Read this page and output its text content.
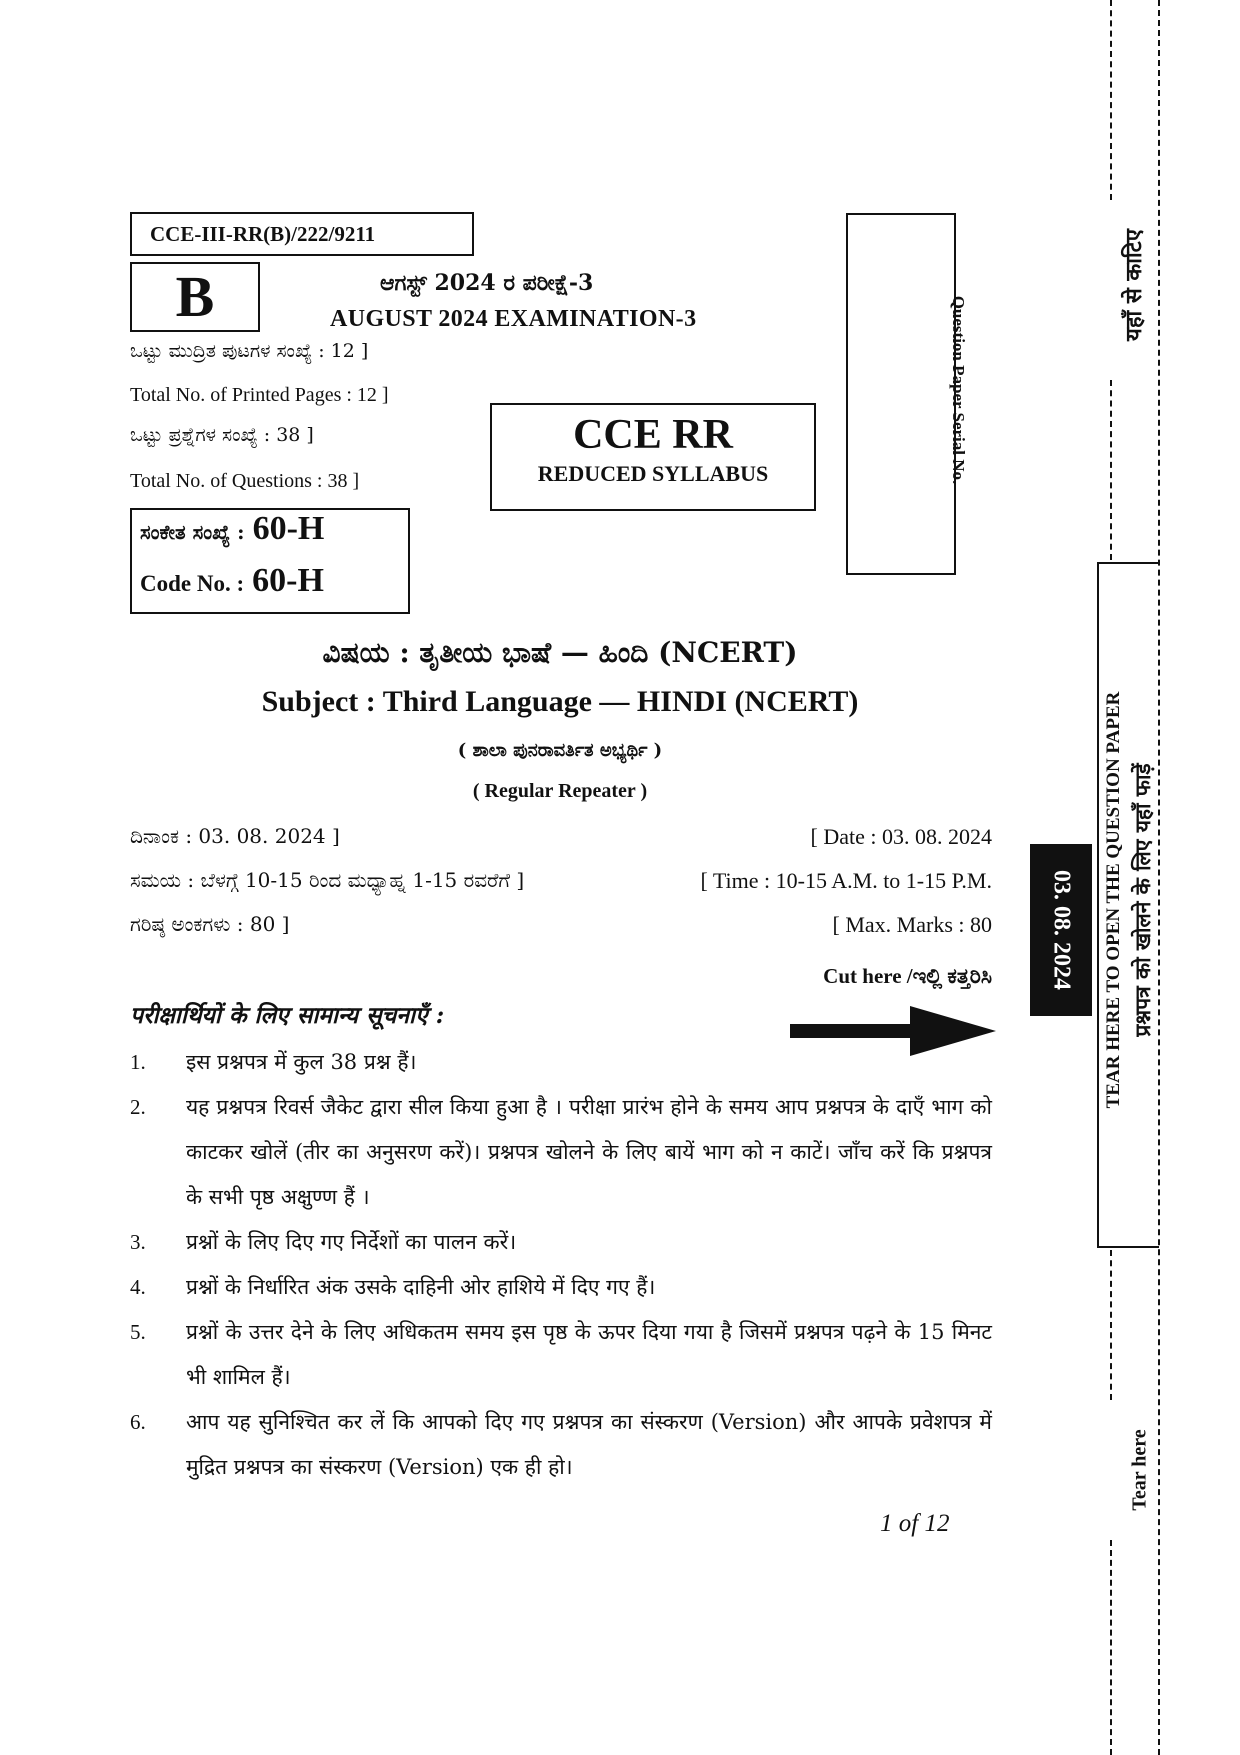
CCE-III-RR(B)/222/9211
B	ಆಗಸ್ಟ್ 2024 ರ ಪರೀಕ್ಷೆ-3
AUGUST 2024 EXAMINATION-3
ಒಟ್ಟು ಮುದ್ರಿತ ಪುಟಗಳ ಸಂಖ್ಯೆ : 12 ]
Total No. of Printed Pages : 12 ]
ಒಟ್ಟು ಪ್ರಶ್ನೆಗಳ ಸಂಖ್ಯೆ : 38 ]
Total No. of Questions : 38 ]
CCE RR
REDUCED SYLLABUS	Question Paper Serial No.
ಸಂಕೇತ ಸಂಖ್ಯೆ : 60-H
Code No. : 60-H
ವಿಷಯ : ತೃತೀಯ ಭಾಷೆ — ಹಿಂದಿ (NCERT)
Subject : Third Language — HINDI (NCERT)
( ಶಾಲಾ ಪುನರಾವರ್ತಿತ ಅಭ್ಯರ್ಥಿ )
( Regular Repeater )
ದಿನಾಂಕ : 03. 08. 2024 ]	[ Date : 03. 08. 2024
ಸಮಯ : ಬೆಳಗ್ಗೆ 10-15 ರಿಂದ ಮಧ್ಯಾಹ್ನ 1-15 ರವರೆಗೆ ]	[ Time : 10-15 A.M. to 1-15 P.M.
ಗರಿಷ್ಠ ಅಂಕಗಳು : 80 ]	[ Max. Marks : 80
Cut here /ಇಲ್ಲಿ ಕತ್ತರಿಸಿ
परीक्षार्थियों के लिए सामान्य सूचनाएँ :
1.	इस प्रश्नपत्र में कुल 38 प्रश्न हैं।
2.	यह प्रश्नपत्र रिवर्स जैकेट द्वारा सील किया हुआ है । परीक्षा प्रारंभ होने के समय आप प्रश्नपत्र के दाएँ भाग को काटकर खोलें (तीर का अनुसरण करें)। प्रश्नपत्र खोलने के लिए बायें भाग को न काटें। जाँच करें कि प्रश्नपत्र के सभी पृष्ठ अक्षुण्ण हैं ।
3.	प्रश्नों के लिए दिए गए निर्देशों का पालन करें।
4.	प्रश्नों के निर्धारित अंक उसके दाहिनी ओर हाशिये में दिए गए हैं।
5.	प्रश्नों के उत्तर देने के लिए अधिकतम समय इस पृष्ठ के ऊपर दिया गया है जिसमें प्रश्नपत्र पढ़ने के 15 मिनट भी शामिल हैं।
6.	आप यह सुनिश्चित कर लें कि आपको दिए गए प्रश्नपत्र का संस्करण (Version) और आपके प्रवेशपत्र में मुद्रित प्रश्नपत्र का संस्करण (Version) एक ही हो।
1 of 12
03. 08. 2024 TEAR HERE TO OPEN THE QUESTION PAPER प्रश्नपत्र को खोलने के लिए यहाँ फाड़ें
यहाँ से काटिए
Tear here
